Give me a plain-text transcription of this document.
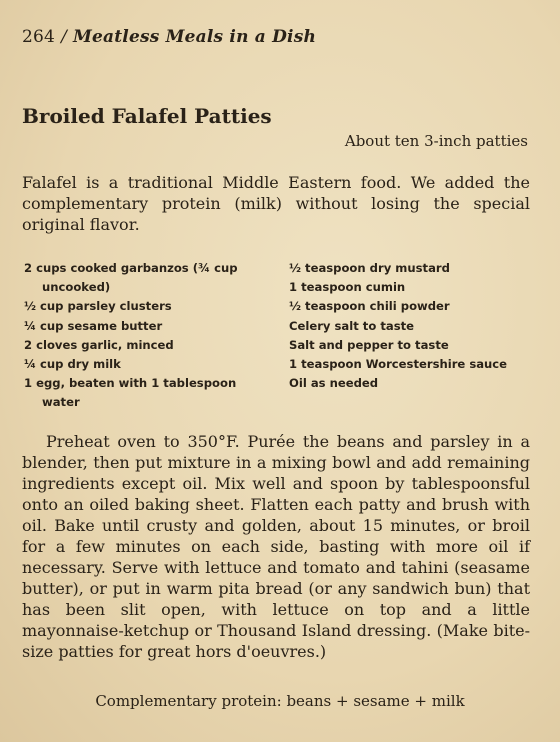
264 / Meatless Meals in a Dish
Broiled Falafel Patties
About ten 3-inch patties
Falafel is a traditional Middle Eastern food. We added the complementary protein (milk) without losing the special original flavor.
2 cups cooked garbanzos (¾ cup uncooked)
½ cup parsley clusters
¼ cup sesame butter
2 cloves garlic, minced
¼ cup dry milk
1 egg, beaten with 1 tablespoon water
½ teaspoon dry mustard
1 teaspoon cumin
½ teaspoon chili powder
Celery salt to taste
Salt and pepper to taste
1 teaspoon Worcestershire sauce
Oil as needed
Preheat oven to 350°F. Purée the beans and parsley in a blender, then put mixture in a mixing bowl and add remaining ingredients except oil. Mix well and spoon by tablespoonsful onto an oiled baking sheet. Flatten each patty and brush with oil. Bake until crusty and golden, about 15 minutes, or broil for a few minutes on each side, basting with more oil if necessary. Serve with lettuce and tomato and tahini (seasame butter), or put in warm pita bread (or any sandwich bun) that has been slit open, with lettuce on top and a little mayonnaise-ketchup or Thousand Island dressing. (Make bite-size patties for great hors d'oeuvres.)
Complementary protein: beans + sesame + milk
